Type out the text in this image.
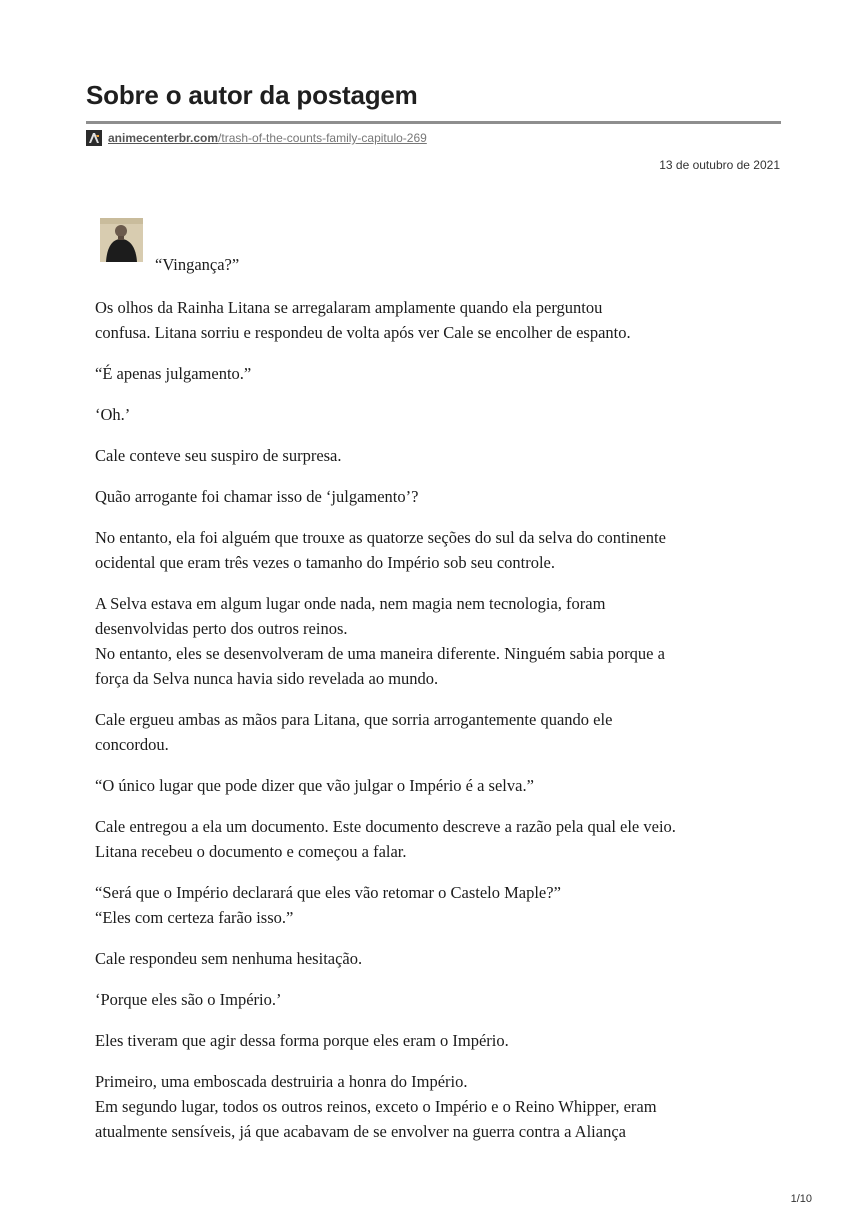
Sobre o autor da postagem
animecenterbr.com /trash-of-the-counts-family-capitulo-269
13 de outubro de 2021

“Vingança?”

Os olhos da Rainha Litana se arregalaram amplamente quando ela perguntou
confusa. Litana sorriu e respondeu de volta após ver Cale se encolher de espanto.

“É apenas julgamento.”

‘Oh.’

Cale conteve seu suspiro de surpresa.

Quão arrogante foi chamar isso de ‘julgamento’?

No entanto, ela foi alguém que trouxe as quatorze seções do sul da selva do continente
ocidental que eram três vezes o tamanho do Império sob seu controle.

A Selva estava em algum lugar onde nada, nem magia nem tecnologia, foram
desenvolvidas perto dos outros reinos.
No entanto, eles se desenvolveram de uma maneira diferente. Ninguém sabia porque a
força da Selva nunca havia sido revelada ao mundo.

Cale ergueu ambas as mãos para Litana, que sorria arrogantemente quando ele
concordou.

“O único lugar que pode dizer que vão julgar o Império é a selva.”

Cale entregou a ela um documento. Este documento descreve a razão pela qual ele veio.
Litana recebeu o documento e começou a falar.

“Será que o Império declarará que eles vão retomar o Castelo Maple?”
“Eles com certeza farão isso.”

Cale respondeu sem nenhuma hesitação.

‘Porque eles são o Império.’

Eles tiveram que agir dessa forma porque eles eram o Império.

Primeiro, uma emboscada destruiria a honra do Império.
Em segundo lugar, todos os outros reinos, exceto o Império e o Reino Whipper, eram
atualmente sensíveis, já que acabavam de se envolver na guerra contra a Aliança

1/10
